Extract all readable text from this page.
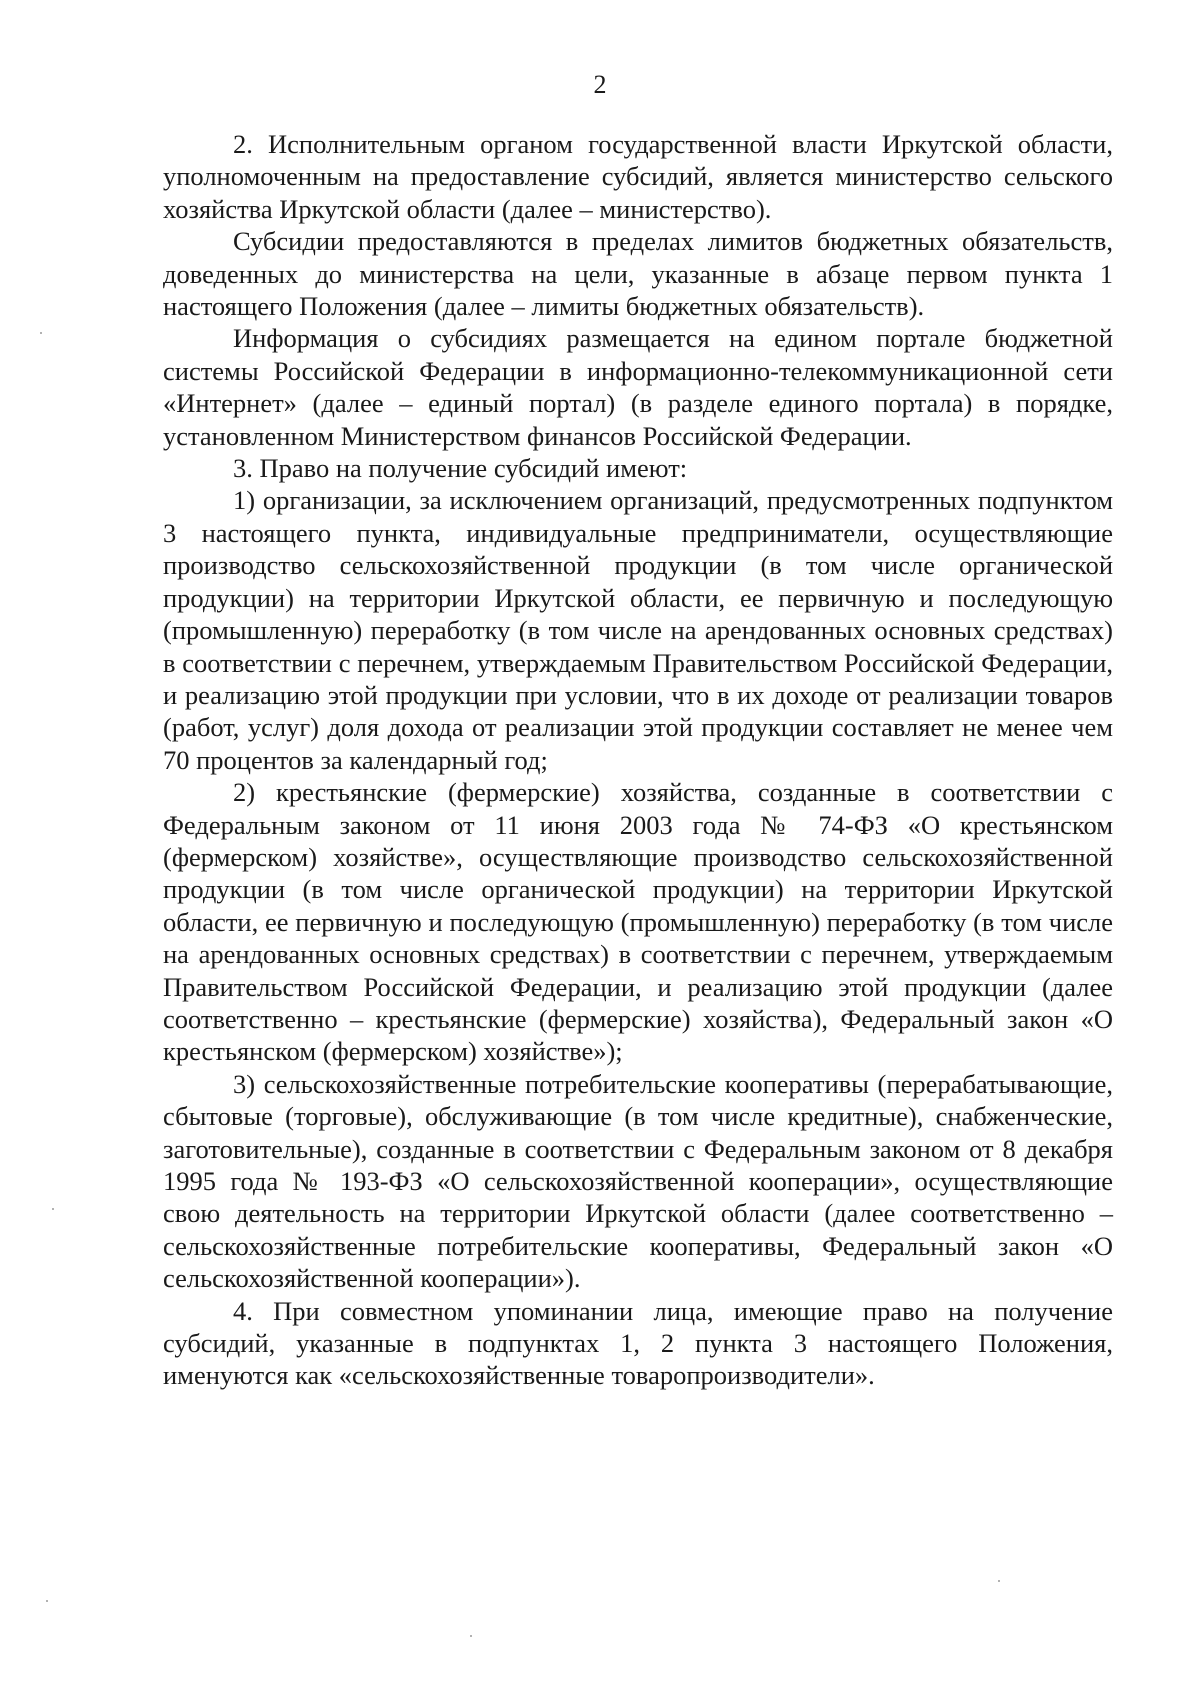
2

2. Исполнительным органом государственной власти Иркутской области, уполномоченным на предоставление субсидий, является министерство сельского хозяйства Иркутской области (далее – министерство).

Субсидии предоставляются в пределах лимитов бюджетных обязательств, доведенных до министерства на цели, указанные в абзаце первом пункта 1 настоящего Положения (далее – лимиты бюджетных обязательств).

Информация о субсидиях размещается на едином портале бюджетной системы Российской Федерации в информационно-телекоммуникационной сети «Интернет» (далее – единый портал) (в разделе единого портала) в порядке, установленном Министерством финансов Российской Федерации.

3. Право на получение субсидий имеют:

1) организации, за исключением организаций, предусмотренных подпунктом 3 настоящего пункта, индивидуальные предприниматели, осуществляющие производство сельскохозяйственной продукции (в том числе органической продукции) на территории Иркутской области, ее первичную и последующую (промышленную) переработку (в том числе на арендованных основных средствах) в соответствии с перечнем, утверждаемым Правительством Российской Федерации, и реализацию этой продукции при условии, что в их доходе от реализации товаров (работ, услуг) доля дохода от реализации этой продукции составляет не менее чем 70 процентов за календарный год;

2) крестьянские (фермерские) хозяйства, созданные в соответствии с Федеральным законом от 11 июня 2003 года № 74-ФЗ «О крестьянском (фермерском) хозяйстве», осуществляющие производство сельскохозяйственной продукции (в том числе органической продукции) на территории Иркутской области, ее первичную и последующую (промышленную) переработку (в том числе на арендованных основных средствах) в соответствии с перечнем, утверждаемым Правительством Российской Федерации, и реализацию этой продукции (далее соответственно – крестьянские (фермерские) хозяйства), Федеральный закон «О крестьянском (фермерском) хозяйстве»);

3) сельскохозяйственные потребительские кооперативы (перерабатывающие, сбытовые (торговые), обслуживающие (в том числе кредитные), снабженческие, заготовительные), созданные в соответствии с Федеральным законом от 8 декабря 1995 года № 193-ФЗ «О сельскохозяйственной кооперации», осуществляющие свою деятельность на территории Иркутской области (далее соответственно – сельскохозяйственные потребительские кооперативы, Федеральный закон «О сельскохозяйственной кооперации»).

4. При совместном упоминании лица, имеющие право на получение субсидий, указанные в подпунктах 1, 2 пункта 3 настоящего Положения, именуются как «сельскохозяйственные товаропроизводители».
